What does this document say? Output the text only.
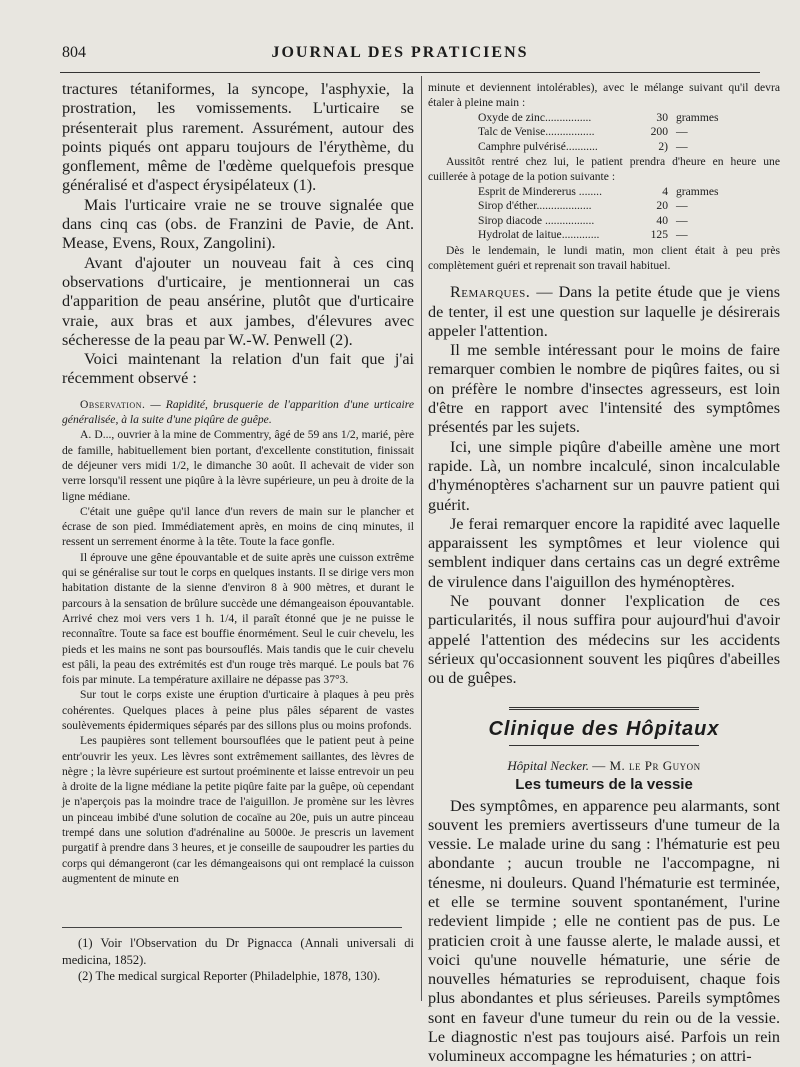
804	JOURNAL DES PRATICIENS

tractures tétaniformes, la syncope, l'asphyxie, la prostration, les vomissements. L'urticaire se présenterait plus rarement. Assurément, autour des points piqués ont apparu toujours de l'érythème, du gonflement, même de l'œdème quelquefois presque généralisé et d'aspect érysipélateux (1).

Mais l'urticaire vraie ne se trouve signalée que dans cinq cas (obs. de Franzini de Pavie, de Ant. Mease, Evens, Roux, Zangolini).

Avant d'ajouter un nouveau fait à ces cinq observations d'urticaire, je mentionnerai un cas d'apparition de peau ansérine, plutôt que d'urticaire vraie, aux bras et aux jambes, d'élevures avec sécheresse de la peau par W.-W. Penwell (2).

Voici maintenant la relation d'un fait que j'ai récemment observé :

Observation. — Rapidité, brusquerie de l'apparition d'une urticaire généralisée, à la suite d'une piqûre de guêpe.

A. D..., ouvrier à la mine de Commentry, âgé de 59 ans 1/2, marié, père de famille, habituellement bien portant, d'excellente constitution, finissait de déjeuner vers midi 1/2, le dimanche 30 août. Il achevait de vider son verre lorsqu'il ressent une piqûre à la lèvre supérieure, un peu à droite de la ligne médiane.

C'était une guêpe qu'il lance d'un revers de main sur le plancher et écrase de son pied. Immédiatement après, en moins de cinq minutes, il ressent un serrement énorme à la tête. Toute la face gonfle.

Il éprouve une gêne épouvantable et de suite après une cuisson extrême qui se généralise sur tout le corps en quelques instants. Il se dirige vers mon habitation distante de la sienne d'environ 8 à 900 mètres, et durant le parcours à la sensation de brûlure succède une démangeaison épouvantable. Arrivé chez moi vers vers 1 h. 1/4, il paraît étonné que je ne puisse le reconnaître. Toute sa face est bouffie énormément. Seul le cuir chevelu, les pieds et les mains ne sont pas boursouflés. Mais tandis que le cuir chevelu est pâli, la peau des extrémités est d'un rouge très marqué. Le pouls bat 76 fois par minute. La température axillaire ne dépasse pas 37°3.

Sur tout le corps existe une éruption d'urticaire à plaques à peu près cohérentes. Quelques places à peine plus pâles séparent de vastes soulèvements épidermiques séparés par des sillons plus ou moins profonds.

Les paupières sont tellement boursouflées que le patient peut à peine entr'ouvrir les yeux. Les lèvres sont extrêmement saillantes, des lèvres de nègre ; la lèvre supérieure est surtout proéminente et laisse entrevoir un peu à droite de la ligne médiane la petite piqûre faite par la guêpe, où cependant je n'aperçois pas la moindre trace de l'aiguillon. Je promène sur les lèvres un pinceau imbibé d'une solution de cocaïne au 20e, puis un autre pinceau trempé dans une solution d'adrénaline au 5000e. Je prescris un lavement purgatif à prendre dans 3 heures, et je conseille de saupoudrer les parties du corps qui démangeront (car les démangeaisons qui ont remplacé la cuisson augmentent de minute en

(1) Voir l'Observation du Dr Pignacca (Annali universali di medicina, 1852).

(2) The medical surgical Reporter (Philadelphie, 1878, 130).

minute et deviennent intolérables), avec le mélange suivant qu'il devra étaler à pleine main :

Oxyde de zinc................	30 grammes
Talc de Venise.................	200 —
Camphre pulvérisé...........	2) —

Aussitôt rentré chez lui, le patient prendra d'heure en heure une cuillerée à potage de la potion suivante :

Esprit de Mindererus ........	4 grammes
Sirop d'éther...................	20 —
Sirop diacode .................	40 —
Hydrolat de laitue.............	125 —

Dès le lendemain, le lundi matin, mon client était à peu près complètement guéri et reprenait son travail habituel.

Remarques. — Dans la petite étude que je viens de tenter, il est une question sur laquelle je désirerais appeler l'attention.

Il me semble intéressant pour le moins de faire remarquer combien le nombre de piqûres faites, ou si on préfère le nombre d'insectes agresseurs, est loin d'être en rapport avec l'intensité des symptômes présentés par les sujets.

Ici, une simple piqûre d'abeille amène une mort rapide. Là, un nombre incalculé, sinon incalculable d'hyménoptères s'acharnent sur un pauvre patient qui guérit.

Je ferai remarquer encore la rapidité avec laquelle apparaissent les symptômes et leur violence qui semblent indiquer dans certains cas un degré extrême de virulence dans l'aiguillon des hyménoptères.

Ne pouvant donner l'explication de ces particularités, il nous suffira pour aujourd'hui d'avoir appelé l'attention des médecins sur les accidents sérieux qu'occasionnent souvent les piqûres d'abeilles ou de guêpes.

Clinique des Hôpitaux
Hôpital Necker. — M. le Pr Guyon
Les tumeurs de la vessie

Des symptômes, en apparence peu alarmants, sont souvent les premiers avertisseurs d'une tumeur de la vessie. Le malade urine du sang : l'hématurie est peu abondante ; aucun trouble ne l'accompagne, ni ténesme, ni douleurs. Quand l'hématurie est terminée, et elle se termine souvent spontanément, l'urine redevient limpide ; elle ne contient pas de pus. Le praticien croit à une fausse alerte, le malade aussi, et voici qu'une nouvelle hématurie, une série de nouvelles hématuries se reproduisent, chaque fois plus abondantes et plus sérieuses. Pareils symptômes sont en faveur d'une tumeur du rein ou de la vessie. Le diagnostic n'est pas toujours aisé. Parfois un rein volumineux accompagne les hématuries ; on attri-
